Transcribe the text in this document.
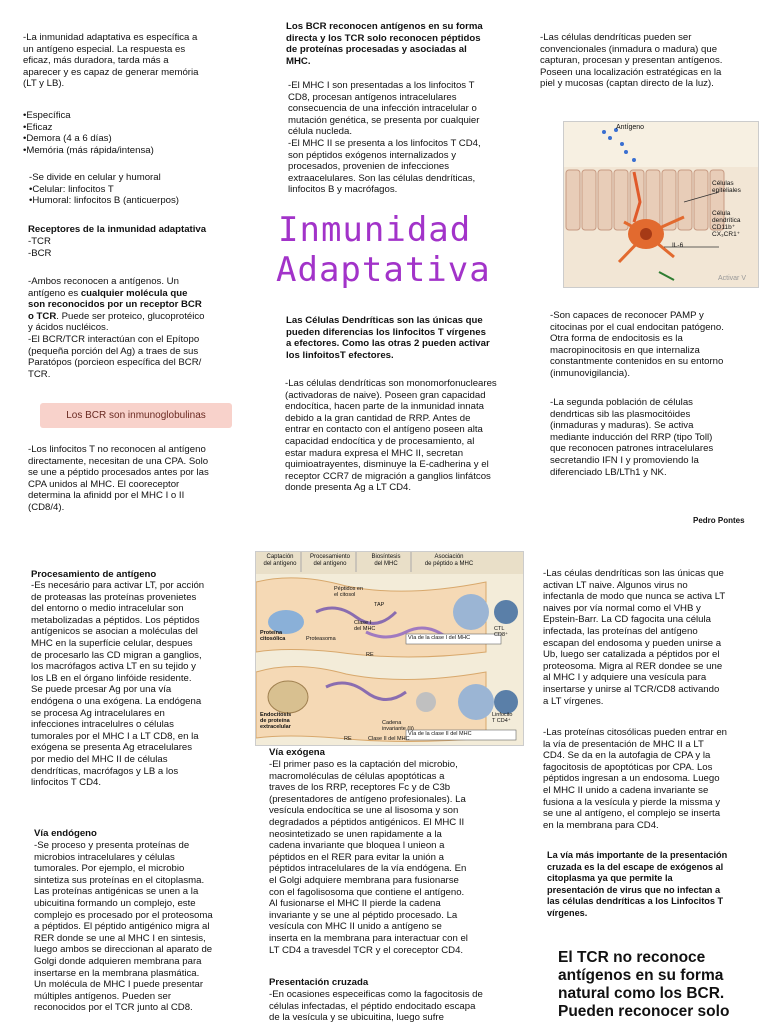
-La inmunidad adaptativa es específica a
un antígeno especial. La respuesta es
eficaz, más duradora, tarda más a
aparecer y es capaz de generar memória
(LT y LB).
•Específica
•Eficaz
•Demora (4 a 6 días)
•Memória (más rápida/intensa)
-Se divide en celular y humoral
•Celular: linfocitos T
•Humoral: linfocitos B (anticuerpos)
Receptores de la inmunidad adaptativa
-TCR
-BCR
-Ambos reconocen a antígenos. Un
antígeno es cualquier molécula que
son reconocidos por un receptor BCR
o TCR. Puede ser proteico, glucoprotéico
y ácidos nucléicos.
-El BCR/TCR interactúan con el Epítopo
(pequeña porción del Ag) a traes de sus
Paratópos (porcieon específica del BCR/
TCR.
Los BCR son inmunoglobulinas
-Los linfocitos T no reconocen al antígeno
directamente, necesitan de una CPA. Solo
se une a péptido procesados antes por las
CPA unidos al MHC. El cooreceptor
determina la afinidd por el MHC I o II
(CD8/4).
Los BCR reconocen antígenos en su forma
directa y los TCR solo reconocen péptidos
de proteínas procesadas y asociadas al
MHC.
-El MHC I son presentadas a los linfocitos T
CD8, procesan antígenos intracelulares
consecuencia de una infección intracelular o
mutación genética, se presenta por cualquier
célula nucleda.
-El MHC II se presenta a los linfocitos T CD4,
son péptidos exógenos internalizados y
procesados, provenien de infecciones
extraacelulares. Son las células dendríticas,
linfocitos B y macrófagos.
Inmunidad
Adaptativa
Las Células Dendríticas son las únicas que
pueden diferencias los linfocitos T vírgenes
a efectores. Como las otras 2 pueden activar
los linfoitosT efectores.
-Las células dendríticas son monomorfonucleares
(activadoras de naive). Poseen gran capacidad
endocítica, hacen parte de la inmunidad innata
debido a la gran cantidad de RRP. Antes de
entrar en contacto con el antígeno poseen alta
capacidad endocítica y de procesamiento, al
estar madura expresa el MHC II, secretan
quimioatrayentes, disminuye la E-cadherina y el
receptor CCR7 de migración a ganglios linfátcos
donde presenta Ag a LT CD4.
-Las células dendríticas pueden ser
convencionales (inmadura o madura) que
capturan, procesan y presentan antígenos.
Poseen una localización estratégicas en la
piel y mucosas (captan directo de la luz).
Antígeno
Células
epiteliales
Célula
dendrítica
CD11b⁺
CX₃CR1⁺
IL-6
Activar V
-Son capaces de reconocer PAMP y
citocinas por el cual endocitan patógeno.
Otra forma de endocitosis es la
macropinocitosis en que internaliza
constantmente contenidos en su entorno
(inmunovigilancia).
-La segunda población de células
dendrticas sib las plasmocitóides
(inmaduras y maduras). Se activa
mediante inducción del RRP (tipo Toll)
que reconocen patrones intracelulares
secretandio IFN I y promoviendo la
diferenciado LB/LTh1 y NK.
Pedro Pontes
Procesamiento de antígeno
-Es necesário para activar LT, por acción
de proteasas las proteínas provenietes
del entorno o medio intracelular son
metabolizadas a péptidos. Los péptidos
antígenicos se asocian a moléculas del
MHC en la superfície celular, despues
de procesarlo las CD migran a ganglios,
los macrófagos activa LT en su tejido y
los LB en el órgano linfóide residente.
Se puede prcesar Ag por una vía
endógena o una exógena. La endógena
se procesa Ag intracelulares en
infecciones intracelulres o células
tumorales por el MHC I a LT CD8, en la
exógena se presenta Ag etracelulares
por medio del MHC II de células
dendríticas, macrófagos y LB a los
linfocitos T CD4.
Vía endógeno
-Se proceso y presenta proteínas de
microbios intracelulares y células
tumorales. Por ejemplo, el microbio
sintetiza sus proteínas en el citoplasma.
Las proteínas antigénicas se unen a la
ubicuitina formando un complejo, este
complejo es procesado por el proteosoma
a péptidos. El péptido antigénico migra al
RER donde se une al MHC I en sintesis,
luego ambos se direccionan al aparato de
Golgi donde adquieren membrana para
insertarse en la membrana plasmática.
Un molécula de MHC I puede presentar
múltiples antígenos. Pueden ser
reconocidos por el TCR junto al CD8.
Captación
del antígeno
Procesamiento
del antígeno
Biosíntesis
del MHC
Asociación
de péptido a MHC
Péptidos en
el citosol
TAP
Clase I
del MHC
Proteína
citosólica	Proteasoma
CTL
CD8⁺
RE
Vía de la clase I del MHC
Endocitosis
de proteína
extracelular
Cadena
invariante (Ii)
Clase II del MHC
Linfocito
T CD4⁺
RE
Vía de la clase II del MHC
Vía exógena
-El primer paso es la captación del microbio,
macromoléculas de células apoptóticas a
traves de los RRP, receptores Fc y de C3b
(presentadores de antígeno profesionales). La
vesícula endocítica se une al lisosoma y son
degradados a péptidos antigénicos. El MHC II
neosintetizado se unen rapidamente a la
cadena invariante que bloquea l unieon a
péptidos en el RER para evitar la unión a
péptidos intracelulares de la vía endógena. En
el Golgi adquiere membrana para fusionarse
con el fagolisosoma que contiene el antígeno.
Al fusionarse el MHC II pierde la cadena
invariante y se une al péptido procesado. La
vesícula con MHC II unido a antígeno se
inserta en la membrana para interactuar con el
LT CD4 a travesdel TCR y el coreceptor CD4.
Presentación cruzada
-En ocasiones especeificas como la fagocitosis de
células infectadas, el péptido endocitado escapa
de la vesícula y se ubicuitina, luego sufre
-Las céulas dendríticas son las únicas que
activan LT naive. Algunos virus no
infectanla de modo que nunca se activa LT
naives por vía normal como el VHB y
Epstein-Barr. La CD fagocita una célula
infectada, las proteínas del antígeno
escapan del endosoma y pueden unirse a
Ub, luego ser catalizada a péptidos por el
proteosoma. Migra al RER dondee se une
al MHC I y adquiere una vesícula para
insertarse y unirse al TCR/CD8 activando
a LT vírgenes.
-Las proteínas citosólicas pueden entrar en
la vía de presentación de MHC II a LT
CD4. Se da en la autofagia de CPA y la
fagocitosis de apoptóticas por CPA. Los
péptidos ingresan a un endosoma. Luego
el MHC II unido a cadena invariante se
fusiona a la vesícula y pierde la missma y
se une al antígeno, el complejo se inserta
en la membrana para CD4.
La vía más importante de la presentación
cruzada es la del escape de exógenos al
citoplasma ya que permite la
presentación de virus que no infectan a
las células dendríticas a los Linfocitos T
vírgenes.
El TCR no reconoce
antígenos en su forma
natural como los BCR.
Pueden reconocer solo
